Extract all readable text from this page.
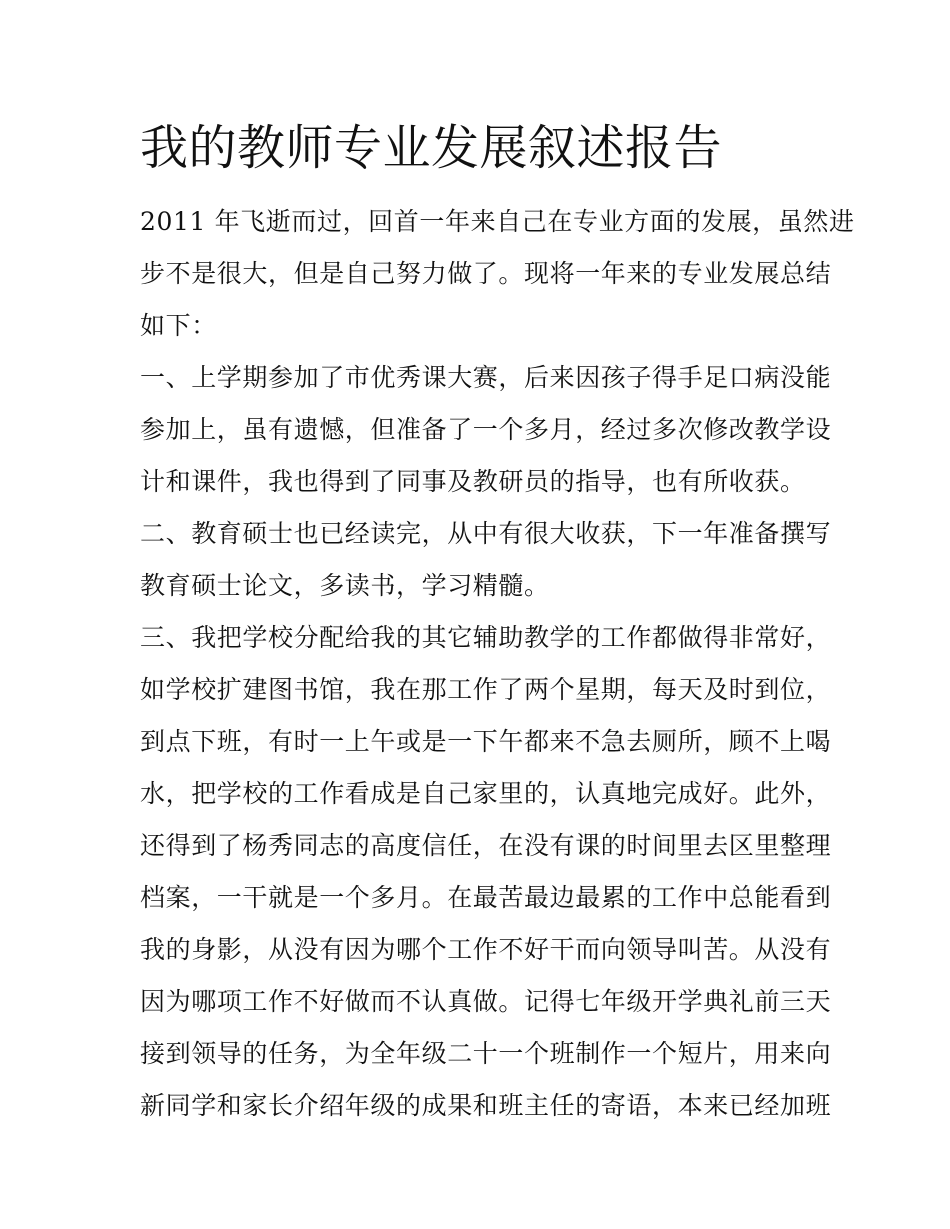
我的教师专业发展叙述报告
2011 年飞逝而过，回首一年来自己在专业方面的发展，虽然进
步不是很大，但是自己努力做了。现将一年来的专业发展总结
如下：
一、上学期参加了市优秀课大赛，后来因孩子得手足口病没能
参加上，虽有遗憾，但准备了一个多月，经过多次修改教学设
计和课件，我也得到了同事及教研员的指导，也有所收获。
二、教育硕士也已经读完，从中有很大收获，下一年准备撰写
教育硕士论文，多读书，学习精髓。
三、我把学校分配给我的其它辅助教学的工作都做得非常好，
如学校扩建图书馆，我在那工作了两个星期，每天及时到位，
到点下班，有时一上午或是一下午都来不急去厕所，顾不上喝
水，把学校的工作看成是自己家里的，认真地完成好。此外，
还得到了杨秀同志的高度信任，在没有课的时间里去区里整理
档案，一干就是一个多月。在最苦最边最累的工作中总能看到
我的身影，从没有因为哪个工作不好干而向领导叫苦。从没有
因为哪项工作不好做而不认真做。记得七年级开学典礼前三天
接到领导的任务，为全年级二十一个班制作一个短片，用来向
新同学和家长介绍年级的成果和班主任的寄语，本来已经加班
